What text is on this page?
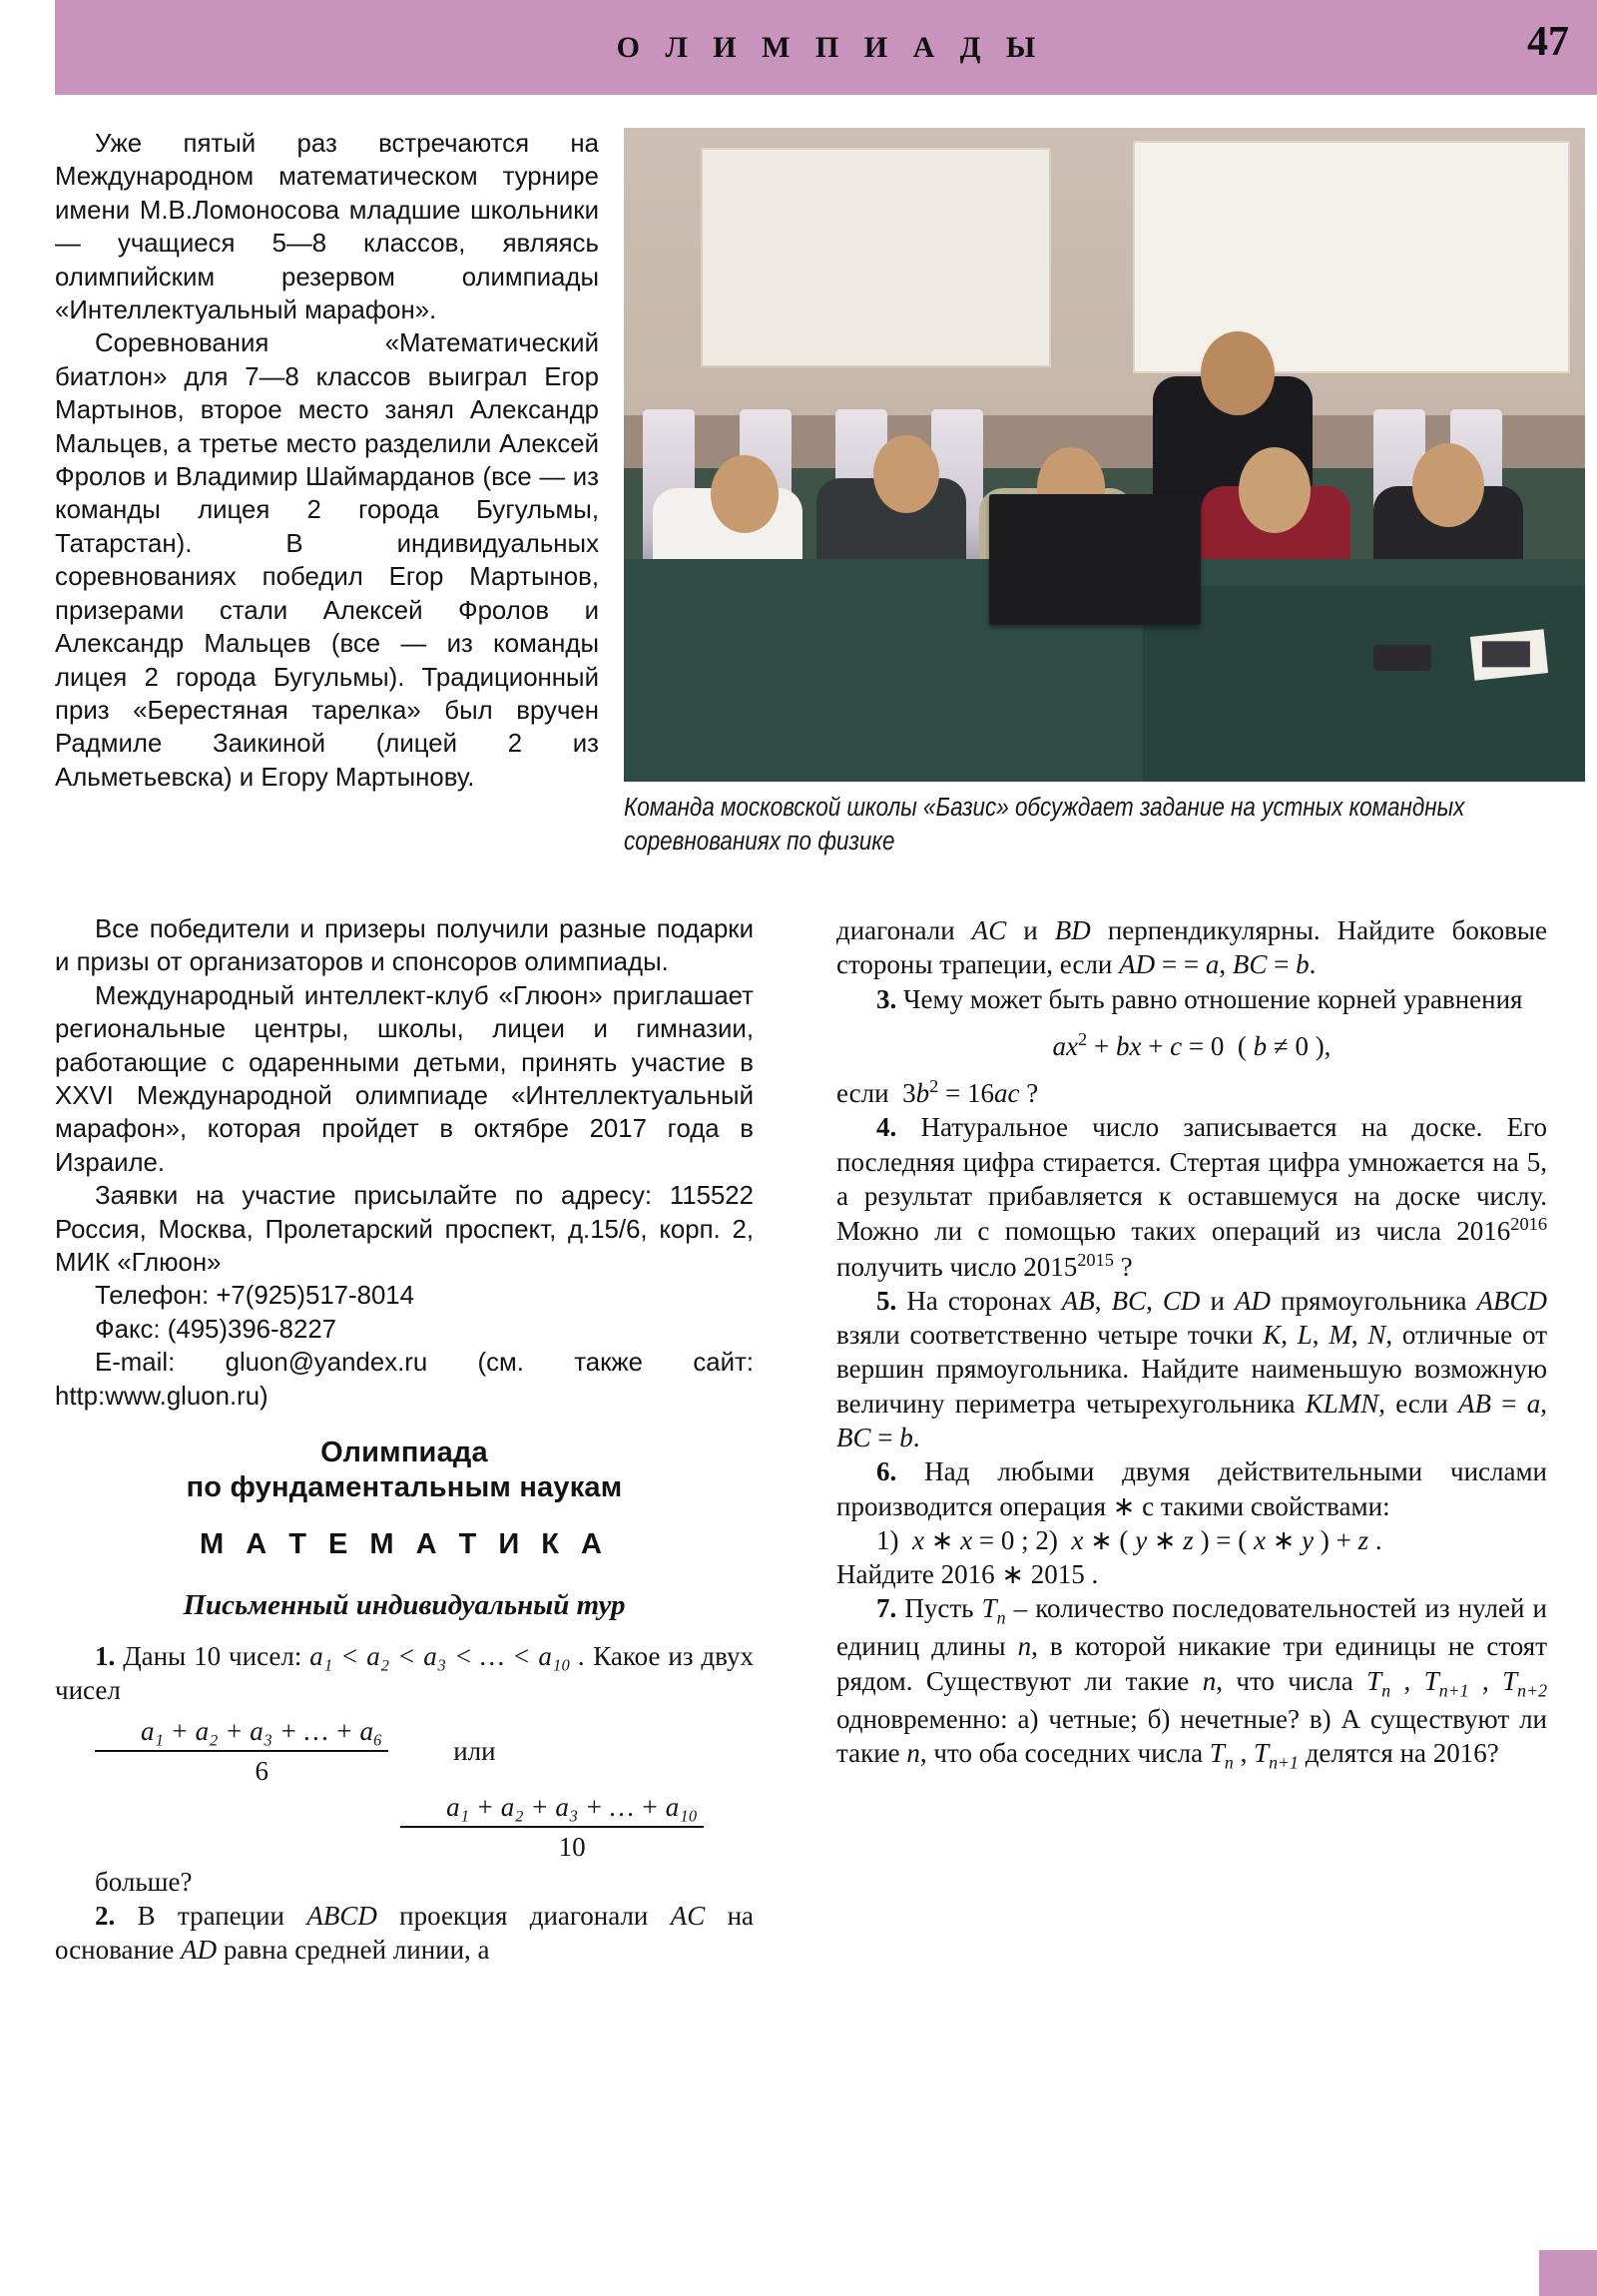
О Л И М П И А Д Ы	47
Команда московской школы «Базис» обсуждает задание на устных командных соревнованиях по физике

Уже пятый раз встречаются на Международном математическом турнире имени М.В.Ломоносова младшие школьники — учащиеся 5—8 классов, являясь олимпийским резервом олимпиады «Интеллектуальный марафон».

Соревнования «Математический биатлон» для 7—8 классов выиграл Егор Мартынов, второе место занял Александр Мальцев, а третье место разделили Алексей Фролов и Владимир Шаймарданов (все — из команды лицея 2 города Бугульмы, Татарстан). В индивидуальных соревнованиях победил Егор Мартынов, призерами стали Алексей Фролов и Александр Мальцев (все — из команды лицея 2 города Бугульмы). Традиционный приз «Берестяная тарелка» был вручен Радмиле Заикиной (лицей 2 из Альметьевска) и Егору Мартынову.

Все победители и призеры получили разные подарки и призы от организаторов и спонсоров олимпиады.

Международный интеллект-клуб «Глюон» приглашает региональные центры, школы, лицеи и гимназии, работающие с одаренными детьми, принять участие в XXVI Международной олимпиаде «Интеллектуальный марафон», которая пройдет в октябре 2017 года в Израиле.

Заявки на участие присылайте по адресу: 115522 Россия, Москва, Пролетарский проспект, д.15/6, корп. 2, МИК «Глюон»

Телефон: +7(925)517-8014

Факс: (495)396-8227

E-mail: gluon@yandex.ru (см. также сайт: http:www.gluon.ru)

Олимпиада
по фундаментальным наукам
М А Т Е М А Т И К А
Письменный индивидуальный тур

1. Даны 10 чисел: a₁ < a₂ < a₃ < … < a₁₀ . Какое из двух чисел

$\frac{\text{a₁ + a₂ + a₃ + … + a₆}}{6}$ или

$\frac{\text{a₁ + a₂ + a₃ + … + a₁₀}}{10}$

больше?

2. В трапеции ABCD проекция диагонали AC на основание AD равна средней линии, а

диагонали AC и BD перпендикулярны. Найдите боковые стороны трапеции, если AD = = a, BC = b.

3. Чему может быть равно отношение корней уравнения

$ax^2$ + bx + c = 0  ( b ≠ 0 ),

если  $3b^2 = 16ac$ ?

4. Натуральное число записывается на доске. Его последняя цифра стирается. Стертая цифра умножается на 5, а результат прибавляется к оставшемуся на доске числу. Можно ли с помощью таких операций из числа $2016^{2016}$ получить число $2015^{2015}$ ?

5. На сторонах AB, BC, CD и AD прямоугольника ABCD взяли соответственно четыре точки K, L, M, N, отличные от вершин прямоугольника. Найдите наименьшую возможную величину периметра четырехугольника KLMN, если AB = a, BC = b.

6. Над любыми двумя действительными числами производится операция ∗ с такими свойствами:

1)  x ∗ x = 0 ; 2)  x ∗ ( y ∗ z ) = ( x ∗ y ) + z .

Найдите 2016 ∗ 2015 .

7. Пусть $T_n$ – количество последовательностей из нулей и единиц длины n, в которой никакие три единицы не стоят рядом. Существуют ли такие n, что числа $T_n$ , $T_{n+1}$ , $T_{n+2}$ одновременно: а) четные; б) нечетные? в) А существуют ли такие n, что оба соседних числа $T_n$ , $T_{n+1}$ делятся на 2016?
